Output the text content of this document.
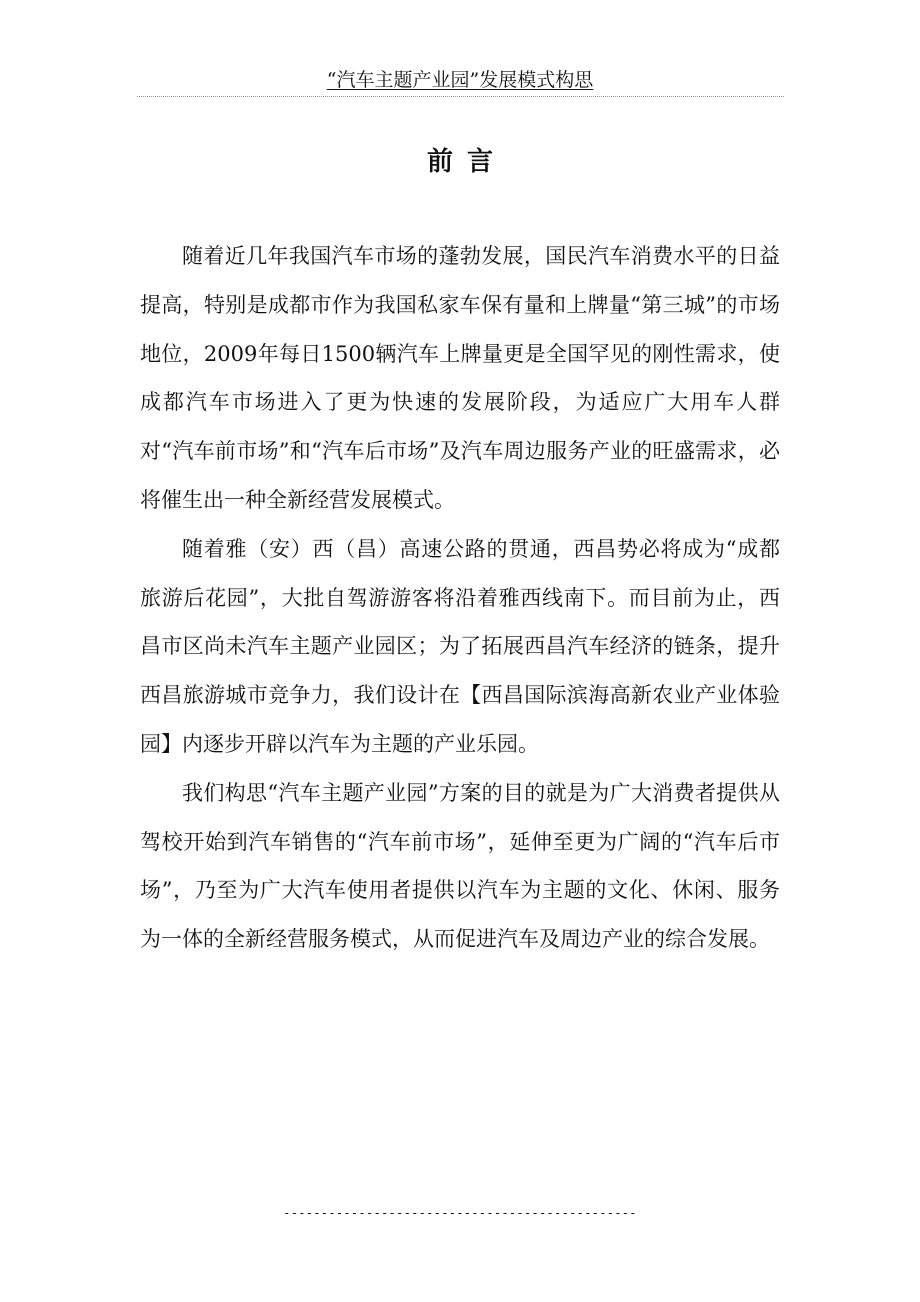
“汽车主题产业园”发展模式构思
前言

随着近几年我国汽车市场的蓬勃发展，国民汽车消费水平的日益提高，特别是成都市作为我国私家车保有量和上牌量“第三城”的市场地位，2009年每日1500辆汽车上牌量更是全国罕见的刚性需求，使成都汽车市场进入了更为快速的发展阶段，为适应广大用车人群对“汽车前市场”和“汽车后市场”及汽车周边服务产业的旺盛需求，必将催生出一种全新经营发展模式。

随着雅（安）西（昌）高速公路的贯通，西昌势必将成为“成都旅游后花园”，大批自驾游游客将沿着雅西线南下。而目前为止，西昌市区尚未汽车主题产业园区；为了拓展西昌汽车经济的链条，提升西昌旅游城市竞争力，我们设计在【西昌国际滨海高新农业产业体验园】内逐步开辟以汽车为主题的产业乐园。

我们构思“汽车主题产业园”方案的目的就是为广大消费者提供从驾校开始到汽车销售的“汽车前市场”，延伸至更为广阔的“汽车后市场”，乃至为广大汽车使用者提供以汽车为主题的文化、休闲、服务为一体的全新经营服务模式，从而促进汽车及周边产业的综合发展。

-----------------------------------------------
